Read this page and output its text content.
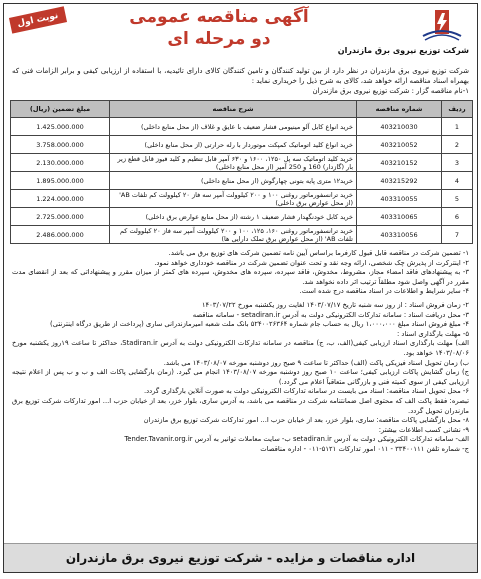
نوبت اول	آگهی مناقصه عمومی
دو مرحله ای
شرکت توزیع نیروی برق مازندران

شرکت توزیع نیروی برق مازندران در نظر دارد از بین تولید کنندگان و تامین کنندگان کالای دارای تائیدیه، با استفاده از ارزیابی کیفی و برابر الزامات فنی که بهمراه اسناد مناقصه ارائه خواهد شد، کالای به شرح ذیل را خریداری نماید :

۱-نام مناقصه گزار : شرکت توزیع نیروی برق مازندران

ردیف	شماره مناقصه	شرح مناقصه	مبلغ تضمین (ریال)
1	403210030	خرید انواع کابل آلو مینیومی فشار ضعیف با عایق و غلاف (از محل منابع داخلی)	1.425.000.000
2	403210052	خرید انواع کلید اتوماتیک کمپکت موتوردار با رله حرارتی (از محل منابع داخلی)	3.758.000.000
3	403210152	خرید کلید اتوماتیک سه پل ۱۲۵۰، ۱۶۰۰ و ۶۳۰ آمپر قابل تنظیم و کلید فیوز قابل قطع زیر بار (گازدار) 160 و 250 آمپر (از محل منابع داخلی)	2.130.000.000
4	403215292	خرید۱۲ متری پایه بتونی چهارگوش (از محل منابع داخلی)	1.895.000.000
5	403310055	خرید ترانسفورماتور روغنی ۱۰۰ و ۲۰۰ کیلوولت آمپر سه فاز ۲۰ کیلوولت کم تلفات AB' (از محل عوارض برق داخلی)	1.224.000.000
6	403310065	خرید کابل خودنگهدار فشار ضعیف ۱ رشته (از محل منابع عوارض برق داخلی)	2.725.000.000
7	403310056	خرید ترانسفورماتور روغنی ۱۶۰، ۱۲۵، ۱۰۰ و ۲۰۰ کیلوولت آمپر سه فاز ۲۰ کیلوولت کم تلفات AB' (از محل عوارض برق تملک دارایی ها)	2.486.000.000

۱- تضمین شرکت در مناقصه قابل قبول کارفرما براساس آیین نامه تضمین شرکت های توزیع برق می باشد.

۲- اینترکرت از پذیرش چک شخصی، ارائه وجه نقد و تحت عنوان تضمین شرکت در مناقصه خودداری خواهد نمود.

۳- به پیشنهادهای فاقد امضاء مجاز، مشروط، مخدوش، فاقد سپرده، سپرده های مخدوش، سپرده های کمتر از میزان مقرر و پیشنهاداتی که بعد از انقضای مدت مقرر در آگهی واصل شود مطلقاً ترتیب اثر داده نخواهد شد.

۴- سایر شرایط و اطلاعات در اسناد مناقصه درج شده است.

۲- زمان فروش اسناد : از روز سه شنبه تاریخ ۱۴۰۳/۰۷/۱۷ لغایت روز یکشنبه مورخ ۱۴۰۳/۰۷/۲۲

۳- محل دریافت اسناد : سامانه تدارکات الکترونیکی دولت به آدرس setadiran.ir - سامانه مناقصه

۴- مبلغ فروش اسناد مبلغ ۱،۰۰۰،۰۰۰ ریال به حساب جام شماره ۵۲۴۰۰۲۶۳۶۴ بانک ملت شعبه امیرمازندرانی ساری (پرداخت از طریق درگاه اینترنتی)

۵- مهلت بارگذاری اسناد :

الف) مهلت بارگذاری اسناد ارزیابی کیفی(الف، ب، ج) مناقصه در سامانه تدارکات الکترونیکی دولت به آدرس Stadiran.ir، حداکثر تا ساعت ۱۹روز یکشنبه مورخ ۱۴۰۳/۰۸/۰۶ خواهد بود.

ب) زمان تحویل اسناد فیزیکی پاکت (الف) حداکثر تا ساعت ۹ صبح روز دوشنبه مورخه ۱۴۰۳/۰۸/۰۷ می باشد.

ج) زمان گشایش پاکات ارزیابی کیفی؛ ساعت ۱۰ صبح روز دوشنبه مورخه ۱۴۰۳/۰۸/۰۷ انجام می گیرد. (زمان بارگشایی پاکات الف و ب و ب پس از اعلام نتیجه ارزیابی کیفی از سوی کمیته فنی و بازرگانی متعاقباً اعلام می گردد.)

۶- محل تحویل اسناد مناقصه: اسناد می بایست در سامانه تدارکات الکترونیکی دولت به صورت آنلاین بارگذاری گردد.

تبصره: فقط پاکت الف که محتوی اصل ضمانتنامه شرکت در مناقصه می باشد، به آدرس ساری، بلوار خزر، بعد از خیابان حزب ا... امور تدارکات شرکت توزیع برق مازندران تحویل گردد.

۸- محل بازگشایی پاکات مناقصه: ساری، بلوار خزر، بعد از خیابان حزب ا... امور تدارکات شرکت توزیع برق مازندران

۹- نشانی کسب اطلاعات بیشتر:

الف- سامانه تدارکات الکترونیکی دولت به آدرس setadiran.ir ب- سایت معاملات توانیر به آدرس Tender.Tavanir.org.ir

ج- شماره تلفن ۳۳۴۰۰۱۱۱ - ۰۱۱ امور تدارکات ۵۱۲۱-۰۱۱ - اداره مناقصات

اداره مناقصات و مزایده - شرکت توزیع نیروی برق مازندران
